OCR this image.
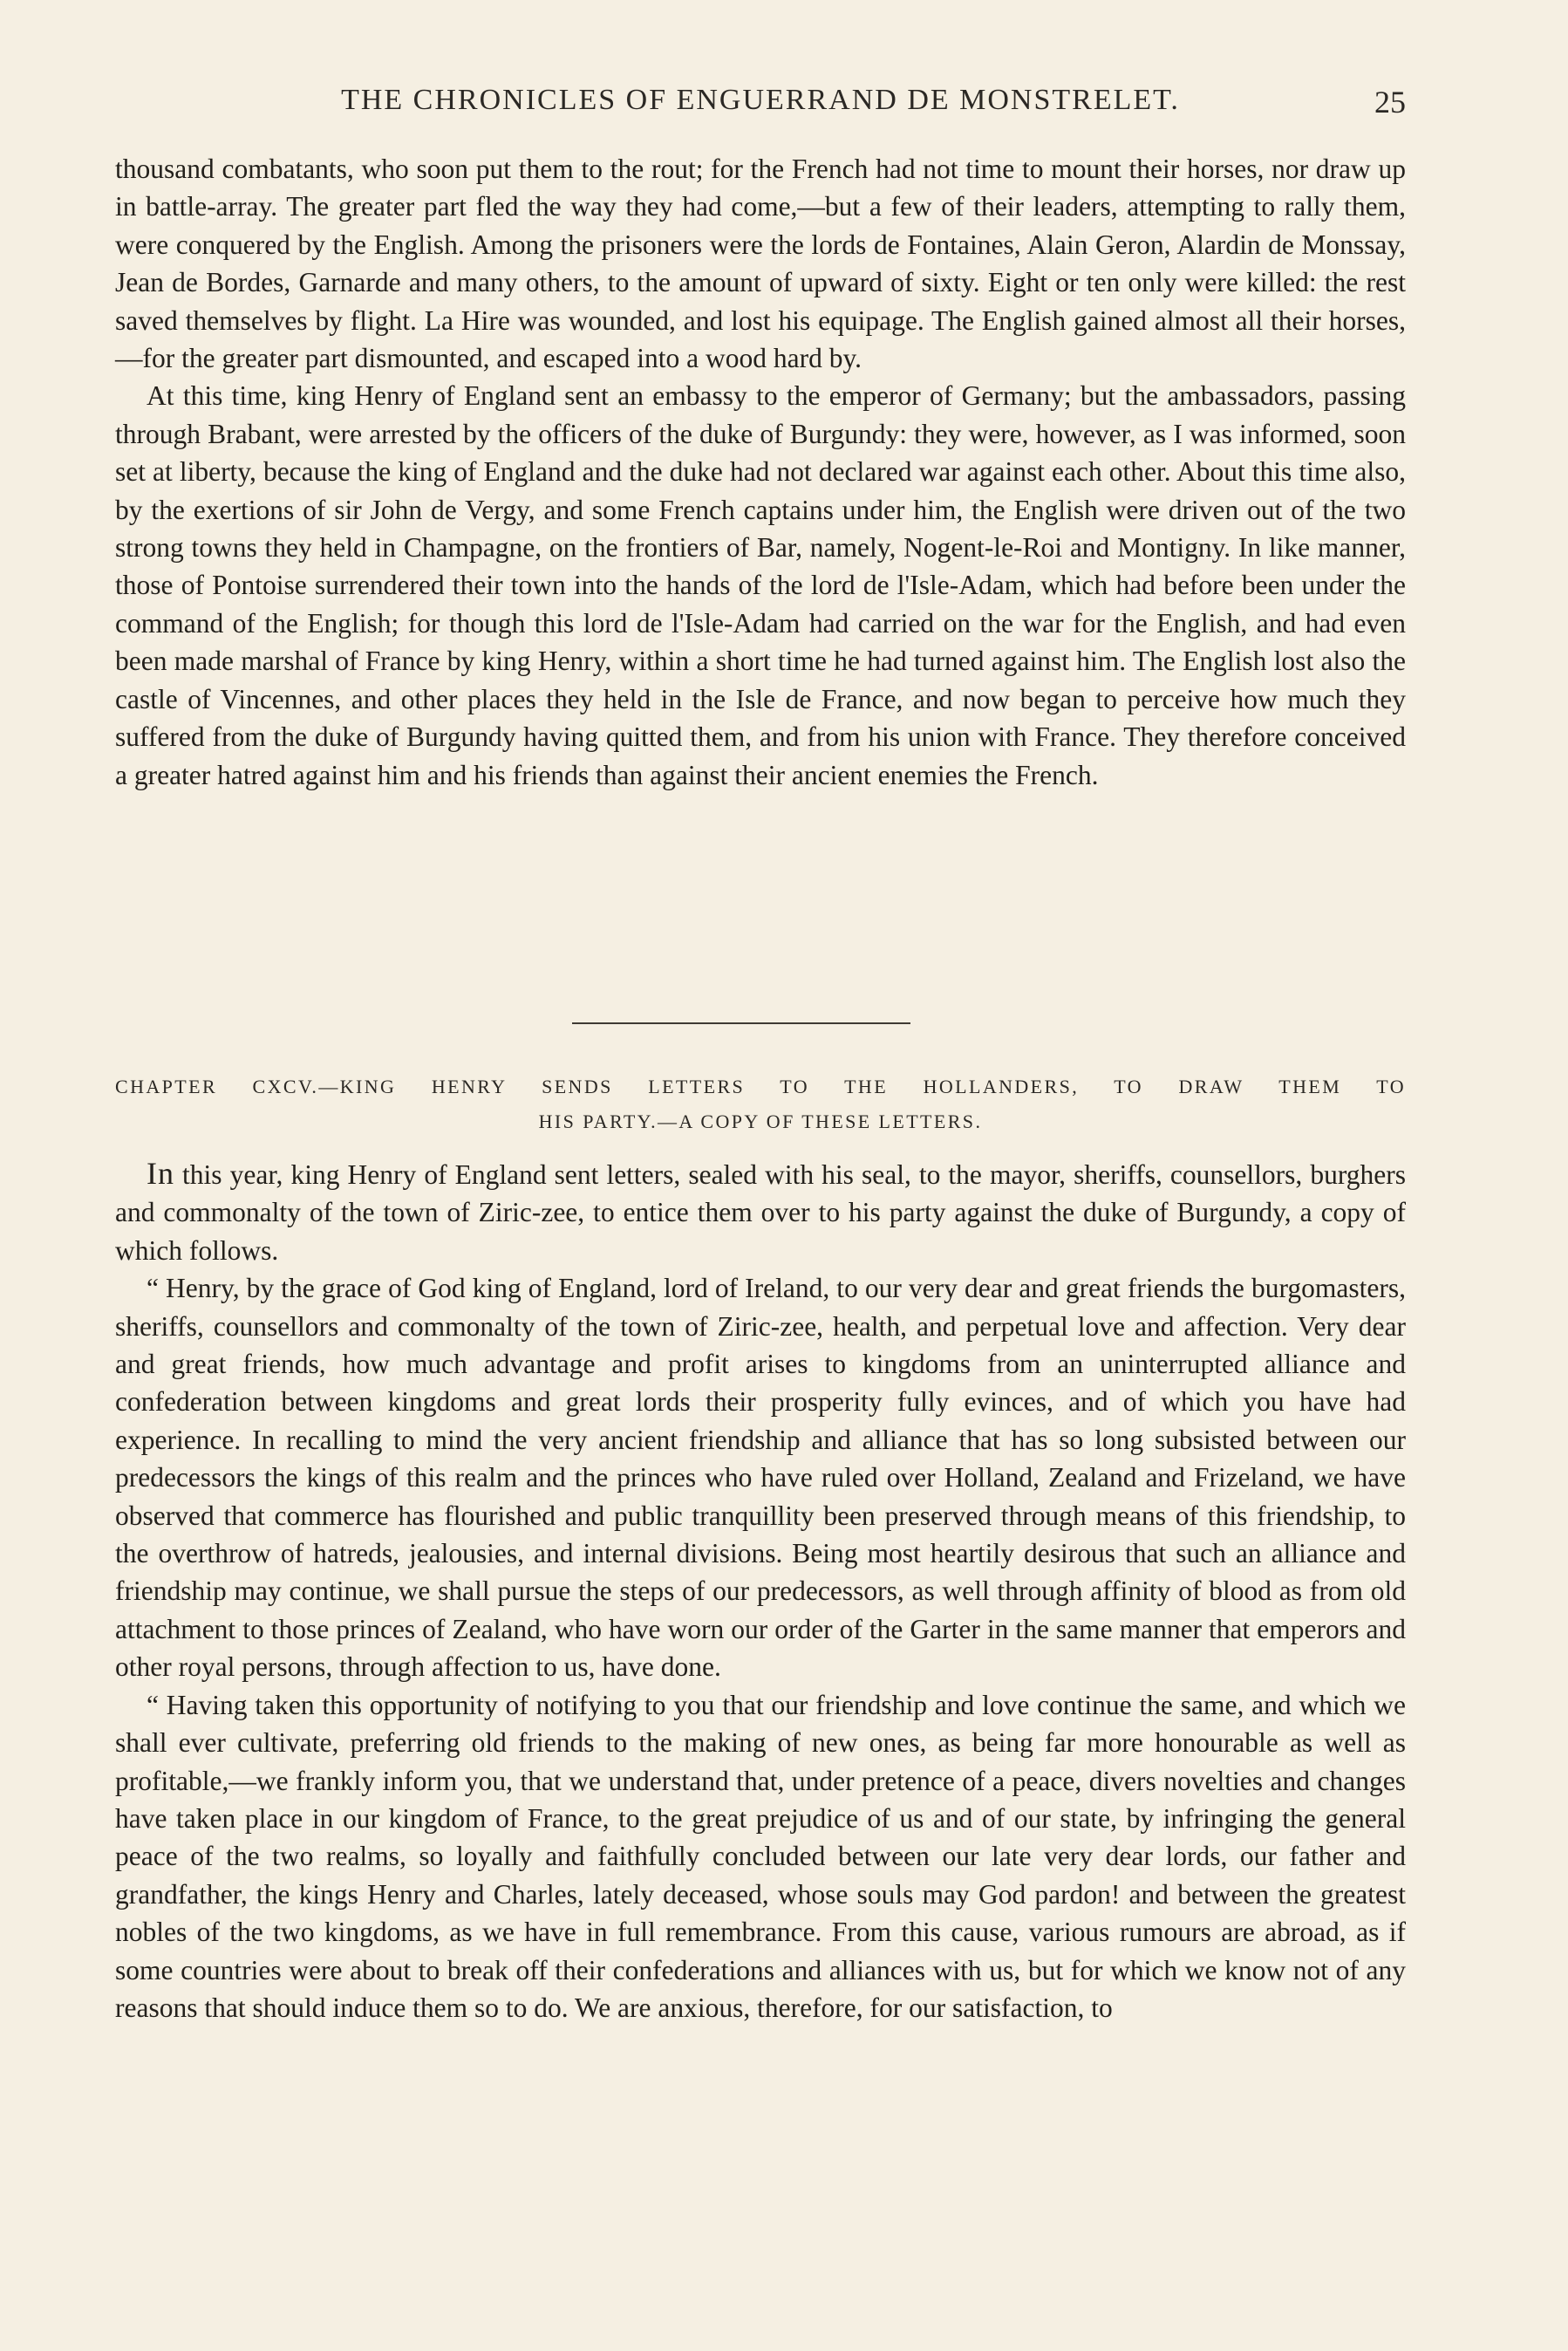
THE CHRONICLES OF ENGUERRAND DE MONSTRELET.	25

thousand combatants, who soon put them to the rout; for the French had not time to mount their horses, nor draw up in battle-array. The greater part fled the way they had come,—but a few of their leaders, attempting to rally them, were conquered by the English. Among the prisoners were the lords de Fontaines, Alain Geron, Alardin de Monssay, Jean de Bordes, Garnarde and many others, to the amount of upward of sixty. Eight or ten only were killed: the rest saved themselves by flight. La Hire was wounded, and lost his equipage. The English gained almost all their horses,—for the greater part dismounted, and escaped into a wood hard by.

At this time, king Henry of England sent an embassy to the emperor of Germany; but the ambassadors, passing through Brabant, were arrested by the officers of the duke of Burgundy: they were, however, as I was informed, soon set at liberty, because the king of England and the duke had not declared war against each other. About this time also, by the exertions of sir John de Vergy, and some French captains under him, the English were driven out of the two strong towns they held in Champagne, on the frontiers of Bar, namely, Nogent-le-Roi and Montigny. In like manner, those of Pontoise surrendered their town into the hands of the lord de l'Isle-Adam, which had before been under the command of the English; for though this lord de l'Isle-Adam had carried on the war for the English, and had even been made marshal of France by king Henry, within a short time he had turned against him. The English lost also the castle of Vincennes, and other places they held in the Isle de France, and now began to perceive how much they suffered from the duke of Burgundy having quitted them, and from his union with France. They therefore conceived a greater hatred against him and his friends than against their ancient enemies the French.

CHAPTER CXCV.—KING HENRY SENDS LETTERS TO THE HOLLANDERS, TO DRAW THEM TO
HIS PARTY.—A COPY OF THESE LETTERS.

In this year, king Henry of England sent letters, sealed with his seal, to the mayor, sheriffs, counsellors, burghers and commonalty of the town of Ziric-zee, to entice them over to his party against the duke of Burgundy, a copy of which follows.

“ Henry, by the grace of God king of England, lord of Ireland, to our very dear and great friends the burgomasters, sheriffs, counsellors and commonalty of the town of Ziric-zee, health, and perpetual love and affection. Very dear and great friends, how much advantage and profit arises to kingdoms from an uninterrupted alliance and confederation between kingdoms and great lords their prosperity fully evinces, and of which you have had experience. In recalling to mind the very ancient friendship and alliance that has so long subsisted between our predecessors the kings of this realm and the princes who have ruled over Holland, Zealand and Frizeland, we have observed that commerce has flourished and public tranquillity been preserved through means of this friendship, to the overthrow of hatreds, jealousies, and internal divisions. Being most heartily desirous that such an alliance and friendship may continue, we shall pursue the steps of our predecessors, as well through affinity of blood as from old attachment to those princes of Zealand, who have worn our order of the Garter in the same manner that emperors and other royal persons, through affection to us, have done.

“ Having taken this opportunity of notifying to you that our friendship and love continue the same, and which we shall ever cultivate, preferring old friends to the making of new ones, as being far more honourable as well as profitable,—we frankly inform you, that we understand that, under pretence of a peace, divers novelties and changes have taken place in our kingdom of France, to the great prejudice of us and of our state, by infringing the general peace of the two realms, so loyally and faithfully concluded between our late very dear lords, our father and grandfather, the kings Henry and Charles, lately deceased, whose souls may God pardon! and between the greatest nobles of the two kingdoms, as we have in full remembrance. From this cause, various rumours are abroad, as if some countries were about to break off their confederations and alliances with us, but for which we know not of any reasons that should induce them so to do. We are anxious, therefore, for our satisfaction, to
